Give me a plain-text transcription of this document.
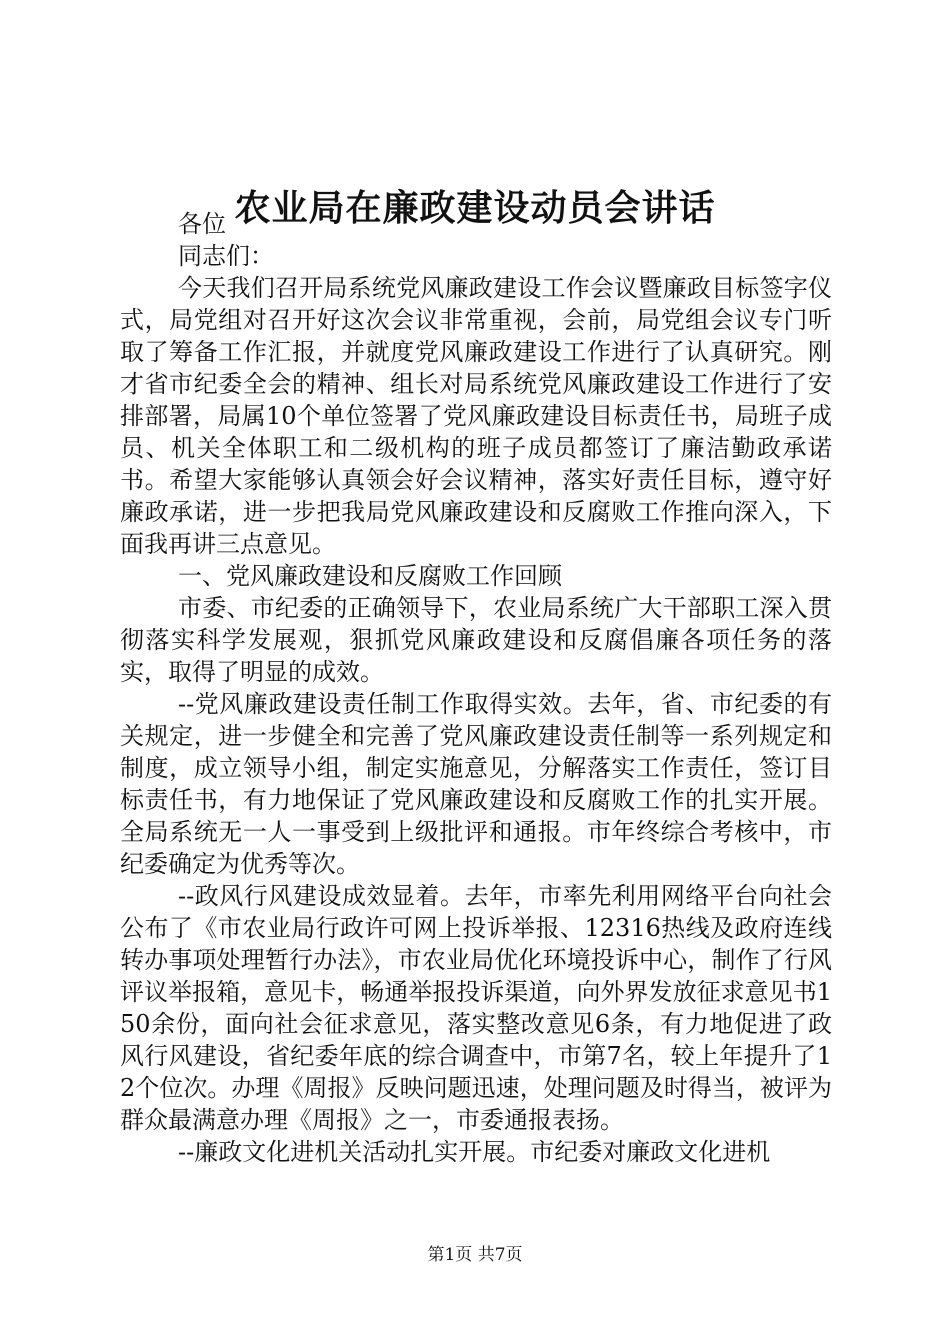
农业局在廉政建设动员会讲话

各位

同志们：

今天我们召开局系统党风廉政建设工作会议暨廉政目标签字仪式，局党组对召开好这次会议非常重视，会前，局党组会议专门听取了筹备工作汇报，并就度党风廉政建设工作进行了认真研究。刚才省市纪委全会的精神、组长对局系统党风廉政建设工作进行了安排部署，局属10个单位签署了党风廉政建设目标责任书，局班子成员、机关全体职工和二级机构的班子成员都签订了廉洁勤政承诺书。希望大家能够认真领会好会议精神，落实好责任目标，遵守好廉政承诺，进一步把我局党风廉政建设和反腐败工作推向深入，下面我再讲三点意见。

一、党风廉政建设和反腐败工作回顾

市委、市纪委的正确领导下，农业局系统广大干部职工深入贯彻落实科学发展观，狠抓党风廉政建设和反腐倡廉各项任务的落实，取得了明显的成效。

--党风廉政建设责任制工作取得实效。去年，省、市纪委的有关规定，进一步健全和完善了党风廉政建设责任制等一系列规定和制度，成立领导小组，制定实施意见，分解落实工作责任，签订目标责任书，有力地保证了党风廉政建设和反腐败工作的扎实开展。全局系统无一人一事受到上级批评和通报。市年终综合考核中，市纪委确定为优秀等次。

--政风行风建设成效显着。去年，市率先利用网络平台向社会公布了《市农业局行政许可网上投诉举报、12316热线及政府连线转办事项处理暂行办法》，市农业局优化环境投诉中心，制作了行风评议举报箱，意见卡，畅通举报投诉渠道，向外界发放征求意见书150余份，面向社会征求意见，落实整改意见6条，有力地促进了政风行风建设，省纪委年底的综合调查中，市第7名，较上年提升了12个位次。办理《周报》反映问题迅速，处理问题及时得当，被评为群众最满意办理《周报》之一，市委通报表扬。

--廉政文化进机关活动扎实开展。市纪委对廉政文化进机

第1页 共7页
